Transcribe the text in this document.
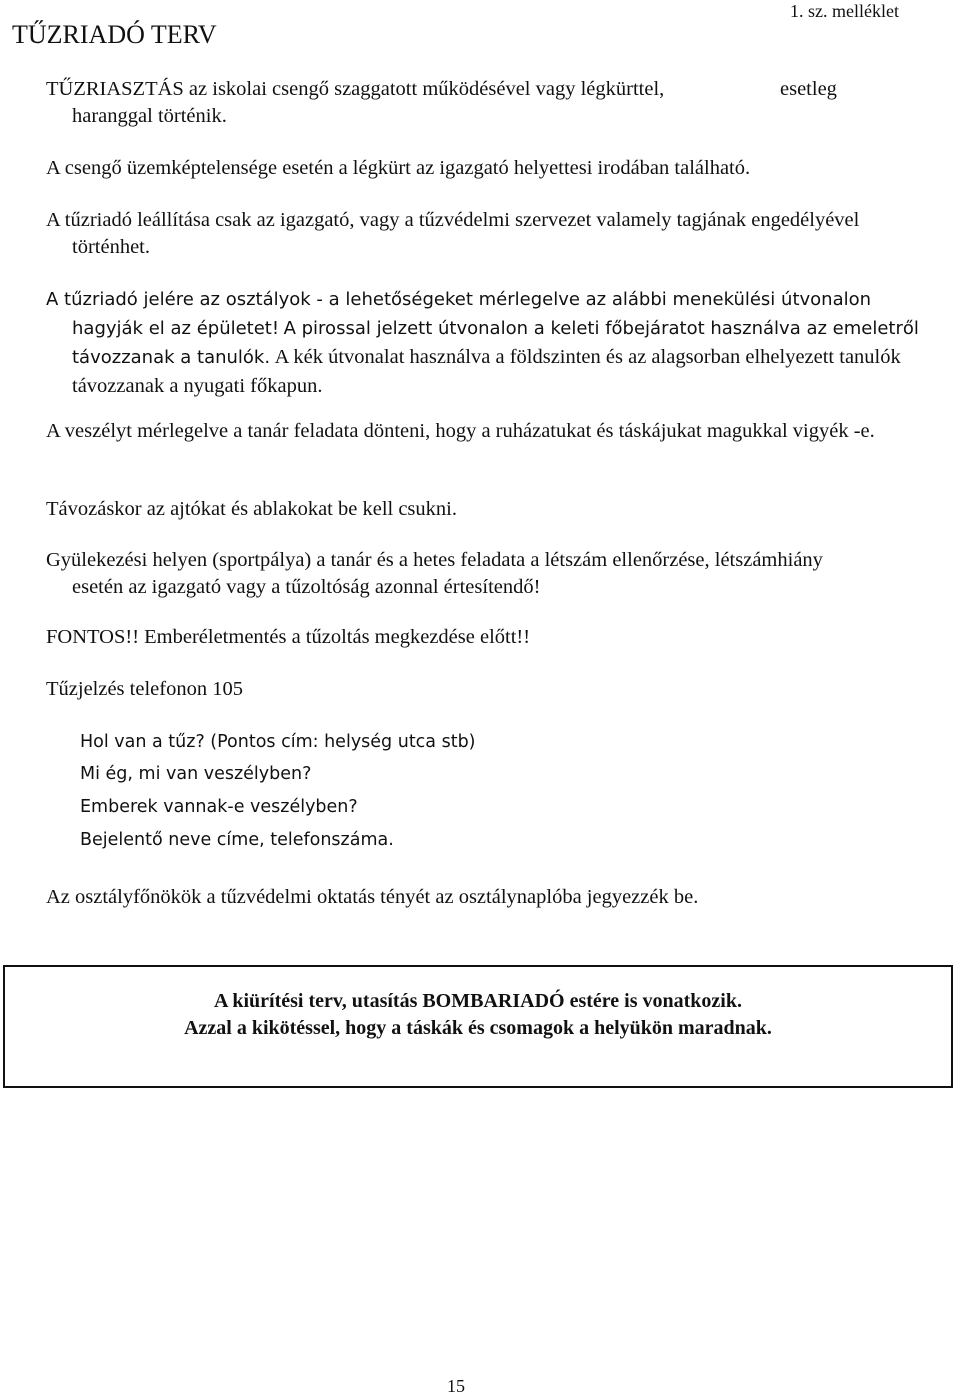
TŰZRIADÓ TERV
1. sz. melléklet
TŰZRIASZTÁS az iskolai csengő szaggatott működésével vagy légkürttel,	esetleg
haranggal történik.
A csengő üzemképtelensége esetén a légkürt az igazgató helyettesi irodában található.
A tűzriadó leállítása csak az igazgató, vagy a tűzvédelmi szervezet valamely tagjának engedélyével történhet.
A tűzriadó jelére az osztályok - a lehetőségeket mérlegelve az alábbi menekülési útvonalon hagyják el az épületet! A pirossal jelzett útvonalon a keleti főbejáratot használva az emeletről távozzanak a tanulók. A kék útvonalat használva a földszinten és az alagsorban elhelyezett tanulók távozzanak a nyugati főkapun.
A veszélyt mérlegelve a tanár feladata dönteni, hogy a ruházatukat és táskájukat magukkal vigyék -e.
Távozáskor az ajtókat és ablakokat be kell csukni.
Gyülekezési helyen (sportpálya) a tanár és a hetes feladata a létszám ellenőrzése, létszámhiány esetén az igazgató vagy a tűzoltóság azonnal értesítendő!
FONTOS!! Emberéletmentés a tűzoltás megkezdése előtt!!
Tűzjelzés telefonon 105
Hol van a tűz? (Pontos cím: helység utca stb)
Mi ég, mi van veszélyben?
Emberek vannak-e veszélyben?
Bejelentő neve címe, telefonszáma.
Az osztályfőnökök a tűzvédelmi oktatás tényét az osztálynaplóba jegyezzék be.
A kiürítési terv, utasítás BOMBARIADÓ estére is vonatkozik.
Azzal a kikötéssel, hogy a táskák és csomagok a helyükön maradnak.
15
